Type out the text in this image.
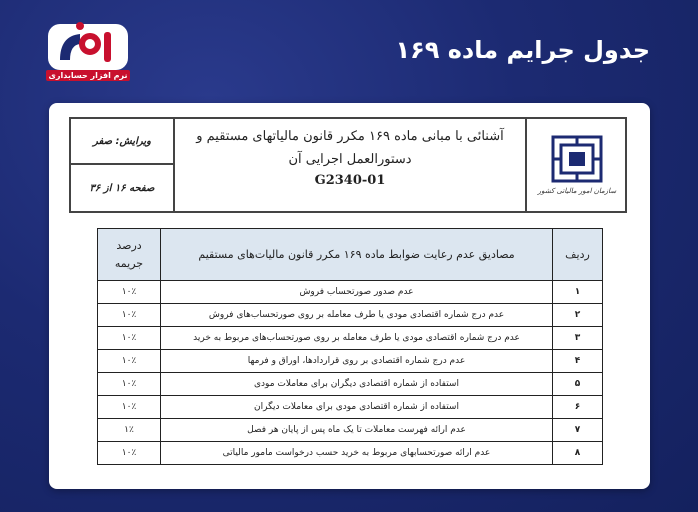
نرم افزار حسابداری
جدول جرایم ماده ۱۶۹
سازمان امور مالیاتی کشور
آشنائی با مبانی ماده ۱۶۹ مکرر قانون مالیاتهای مستقیم و
دستورالعمل اجرایی آن
G2340-01
ویرایش: صفر
صفحه ۱۶ از ۳۶
ردیف	مصادیق عدم رعایت ضوابط ماده ۱۶۹ مکرر قانون مالیات‌های مستقیم	درصد
جریمه

۱	عدم صدور صورتحساب فروش	۱۰٪
۲	عدم درج شماره اقتصادی مودی یا طرف معامله بر روی صورتحساب‌های فروش	۱۰٪
۳	عدم درج شماره اقتصادی مودی یا طرف معامله بر روی صورتحساب‌های مربوط به خرید	۱۰٪
۴	عدم درج شماره اقتصادی بر روی قراردادها، اوراق و فرمها	۱۰٪
۵	استفاده از شماره اقتصادی دیگران برای معاملات مودی	۱۰٪
۶	استفاده از شماره اقتصادی مودی برای معاملات دیگران	۱۰٪
۷	عدم ارائه فهرست معاملات تا یک ماه پس از پایان هر فصل	۱٪
۸	عدم ارائه صورتحسابهای مربوط به خرید حسب درخواست مامور مالیاتی	۱۰٪
